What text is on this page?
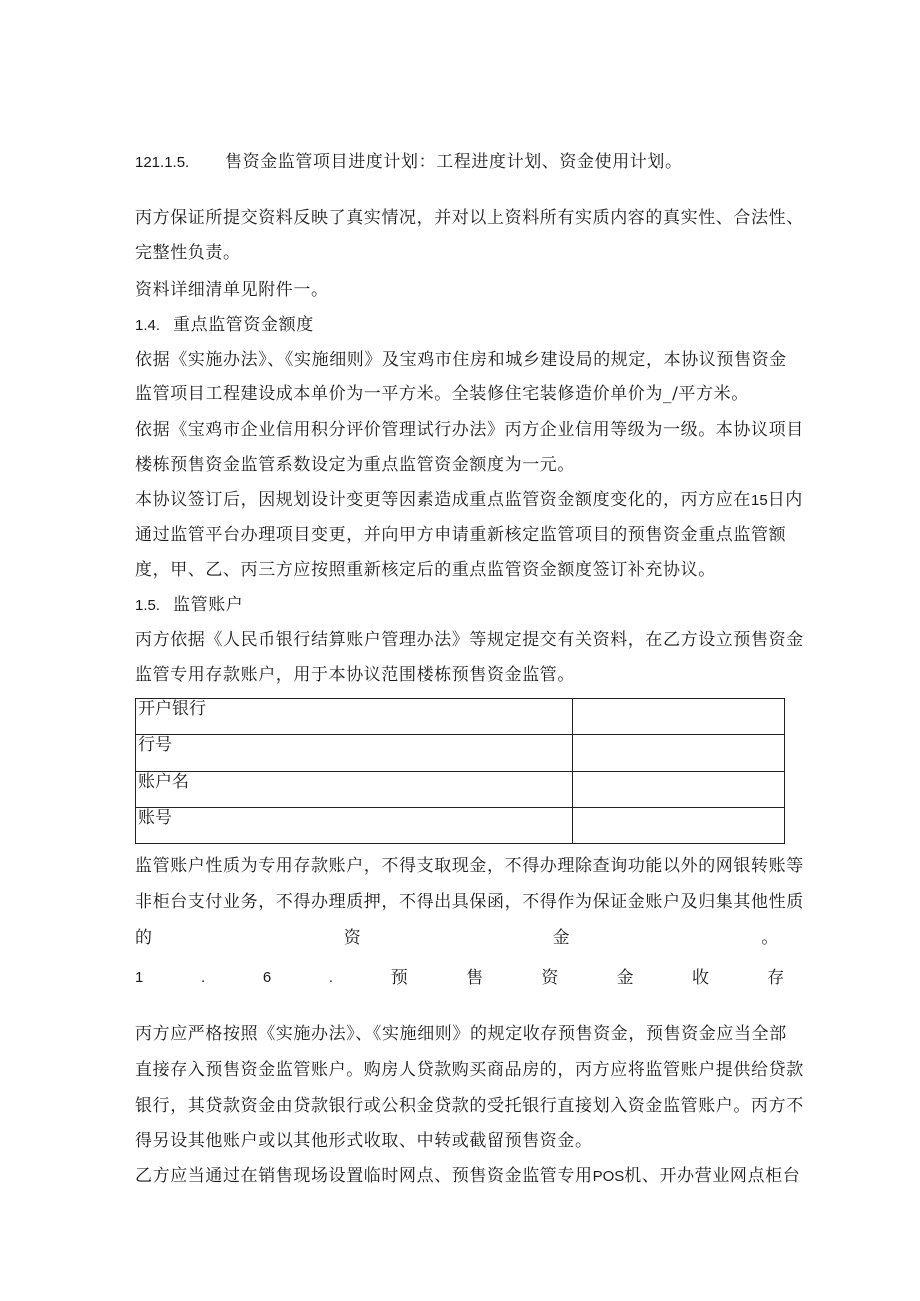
121.1.5. 售资金监管项目进度计划：工程进度计划、资金使用计划。
丙方保证所提交资料反映了真实情况，并对以上资料所有实质内容的真实性、合法性、
完整性负责。
资料详细清单见附件一。
1.4. 重点监管资金额度
依据《实施办法》、《实施细则》及宝鸡市住房和城乡建设局的规定，本协议预售资金
监管项目工程建设成本单价为一平方米。全装修住宅装修造价单价为_/平方米。
依据《宝鸡市企业信用积分评价管理试行办法》丙方企业信用等级为一级。本协议项目
楼栋预售资金监管系数设定为重点监管资金额度为一元。
本协议签订后，因规划设计变更等因素造成重点监管资金额度变化的，丙方应在15日内
通过监管平台办理项目变更，并向甲方申请重新核定监管项目的预售资金重点监管额
度，甲、乙、丙三方应按照重新核定后的重点监管资金额度签订补充协议。
1.5. 监管账户
丙方依据《人民币银行结算账户管理办法》等规定提交有关资料，在乙方设立预售资金
监管专用存款账户，用于本协议范围楼栋预售资金监管。
开户银行	
行号	
账户名	
账号	
监管账户性质为专用存款账户，不得支取现金，不得办理除查询功能以外的网银转账等
非柜台支付业务，不得办理质押，不得出具保函，不得作为保证金账户及归集其他性质
的	资	金	。
1	.	6	.	预	售	资	金	收	存
丙方应严格按照《实施办法》、《实施细则》的规定收存预售资金，预售资金应当全部
直接存入预售资金监管账户。购房人贷款购买商品房的，丙方应将监管账户提供给贷款
银行，其贷款资金由贷款银行或公积金贷款的受托银行直接划入资金监管账户。丙方不
得另设其他账户或以其他形式收取、中转或截留预售资金。
乙方应当通过在销售现场设置临时网点、预售资金监管专用POS机、开办营业网点柜台
